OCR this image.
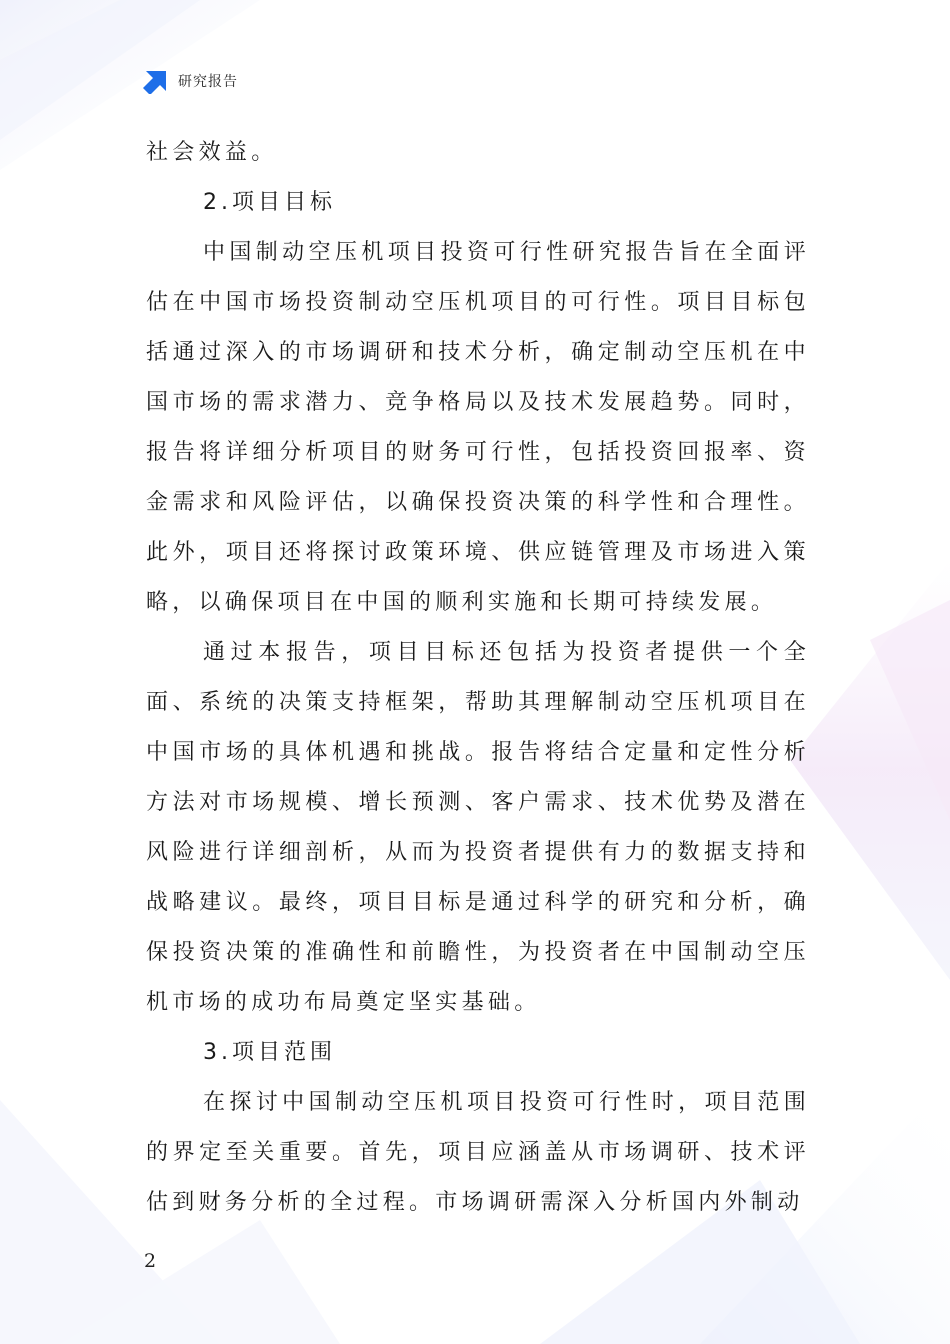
研究报告

社会效益。

2.项目目标

中国制动空压机项目投资可行性研究报告旨在全面评估在中国市场投资制动空压机项目的可行性。项目目标包括通过深入的市场调研和技术分析，确定制动空压机在中国市场的需求潜力、竞争格局以及技术发展趋势。同时，报告将详细分析项目的财务可行性，包括投资回报率、资金需求和风险评估，以确保投资决策的科学性和合理性。此外，项目还将探讨政策环境、供应链管理及市场进入策略，以确保项目在中国的顺利实施和长期可持续发展。

通过本报告，项目目标还包括为投资者提供一个全面、系统的决策支持框架，帮助其理解制动空压机项目在中国市场的具体机遇和挑战。报告将结合定量和定性分析方法对市场规模、增长预测、客户需求、技术优势及潜在风险进行详细剖析，从而为投资者提供有力的数据支持和战略建议。最终，项目目标是通过科学的研究和分析，确保投资决策的准确性和前瞻性，为投资者在中国制动空压机市场的成功布局奠定坚实基础。

3.项目范围

在探讨中国制动空压机项目投资可行性时，项目范围的界定至关重要。首先，项目应涵盖从市场调研、技术评估到财务分析的全过程。市场调研需深入分析国内外制动

2
